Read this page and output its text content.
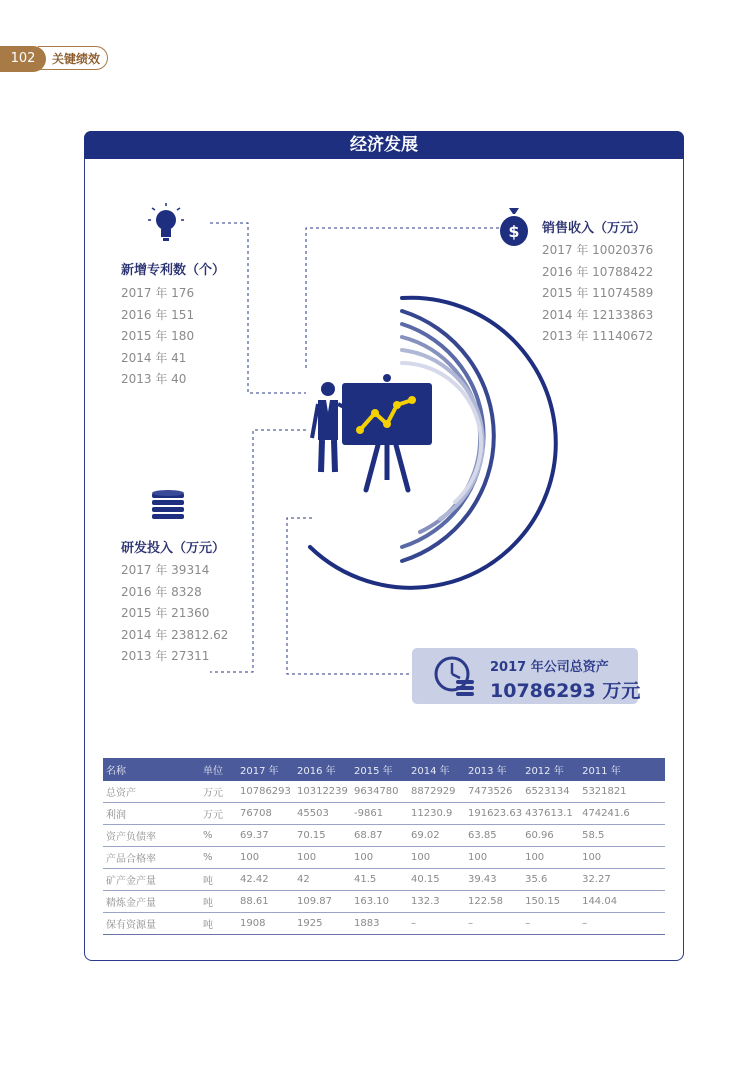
关键绩效
102
经济发展
$
新增专利数（个）
2017 年 176
2016 年 151
2015 年 180
2014 年 41
2013 年 40
销售收入（万元）
2017 年 10020376
2016 年 10788422
2015 年 11074589
2014 年 12133863
2013 年 11140672
研发投入（万元）
2017 年 39314
2016 年 8328
2015 年 21360
2014 年 23812.62
2013 年 27311
2017 年公司总资产
10786293 万元
名称	单位	2017 年	2016 年	2015 年	2014 年	2013 年	2012 年	2011 年
总资产	万元	10786293	10312239	9634780	8872929	7473526	6523134	5321821
利润	万元	76708	45503	-9861	11230.9	191623.63	437613.1	474241.6
资产负债率	%	69.37	70.15	68.87	69.02	63.85	60.96	58.5
产品合格率	%	100	100	100	100	100	100	100
矿产金产量	吨	42.42	42	41.5	40.15	39.43	35.6	32.27
精炼金产量	吨	88.61	109.87	163.10	132.3	122.58	150.15	144.04
保有资源量	吨	1908	1925	1883	–	–	–	–
